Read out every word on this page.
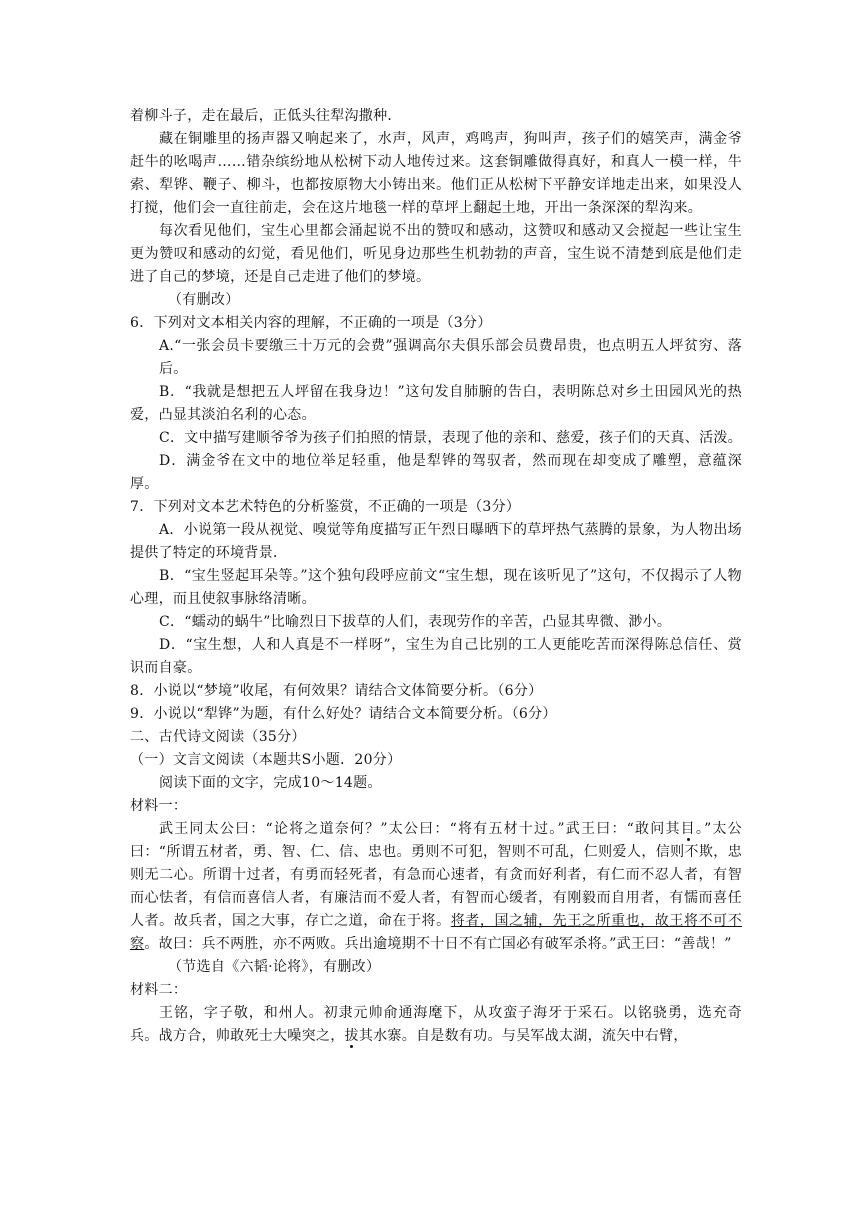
着柳斗子，走在最后，正低头往犁沟撒种．

藏在铜雕里的扬声器又响起来了，水声，风声，鸡鸣声，狗叫声，孩子们的嬉笑声，满金爷赶牛的吆喝声……错杂缤纷地从松树下动人地传过来。这套铜雕做得真好，和真人一模一样，牛索、犁铧、鞭子、柳斗，也都按原物大小铸出来。他们正从松树下平静安详地走出来，如果没人打搅，他们会一直往前走，会在这片地毯一样的草坪上翻起土地，开出一条深深的犁沟来。

每次看见他们，宝生心里都会涌起说不出的赞叹和感动，这赞叹和感动又会搅起一些让宝生更为赞叹和感动的幻觉，看见他们，听见身边那些生机勃勃的声音，宝生说不清楚到底是他们走进了自己的梦境，还是自己走进了他们的梦境。

（有删改）

6．下列对文本相关内容的理解，不正确的一项是（3分）

A.“一张会员卡要缴三十万元的会费”强调高尔夫俱乐部会员费昂贵，也点明五人坪贫穷、落后。

B．“我就是想把五人坪留在我身边！”这句发自肺腑的告白，表明陈总对乡土田园风光的热爱，凸显其淡泊名利的心态。

C．文中描写建顺爷爷为孩子们拍照的情景，表现了他的亲和、慈爱，孩子们的天真、活泼。

D．满金爷在文中的地位举足轻重，他是犁铧的驾驭者，然而现在却变成了雕塑，意蕴深厚。

7．下列对文本艺术特色的分析鉴赏，不正确的一项是（3分）

A．小说第一段从视觉、嗅觉等角度描写正午烈日曝晒下的草坪热气蒸腾的景象，为人物出场提供了特定的环境背景．

B．“宝生竖起耳朵等。”这个独句段呼应前文“宝生想，现在该听见了”这句，不仅揭示了人物心理，而且使叙事脉络清晰。

C．“蠕动的蜗牛”比喻烈日下拔草的人们，表现劳作的辛苦，凸显其卑微、渺小。

D．“宝生想，人和人真是不一样呀”，宝生为自己比别的工人更能吃苦而深得陈总信任、赏识而自豪。

8．小说以“梦境”收尾，有何效果？请结合文体简要分析。（6分）

9．小说以“犁铧”为题，有什么好处？请结合文本简要分析。（6分）

二、古代诗文阅读（35分）

（一）文言文阅读（本题共S小题．20分）

阅读下面的文字，完成10～14题。

材料一：

武王同太公曰：“论将之道奈何？”太公曰：“将有五材十过。”武王曰：“敢问其目。”太公曰：“所谓五材者，勇、智、仁、信、忠也。勇则不可犯，智则不可乱，仁则爱人，信则不欺，忠则无二心。所谓十过者，有勇而轻死者，有急而心速者，有贪而好利者，有仁而不忍人者，有智而心怯者，有信而喜信人者，有廉洁而不爱人者，有智而心缓者，有刚毅而自用者，有懦而喜任人者。故兵者，国之大事，存亡之道，命在于将。将者，国之辅，先王之所重也，故王将不可不察。故曰：兵不两胜，亦不两败。兵出逾境期不十日不有亡国必有破军杀将。”武王曰：“善哉！”

（节选自《六韬·论将》，有删改）

材料二：

王铭，字子敬，和州人。初隶元帅俞通海麾下，从攻蛮子海牙于采石。以铭骁勇，选充奇兵。战方合，帅敢死士大噪突之，拔其水寨。自是数有功。与吴军战太湖，流矢中右臂，
